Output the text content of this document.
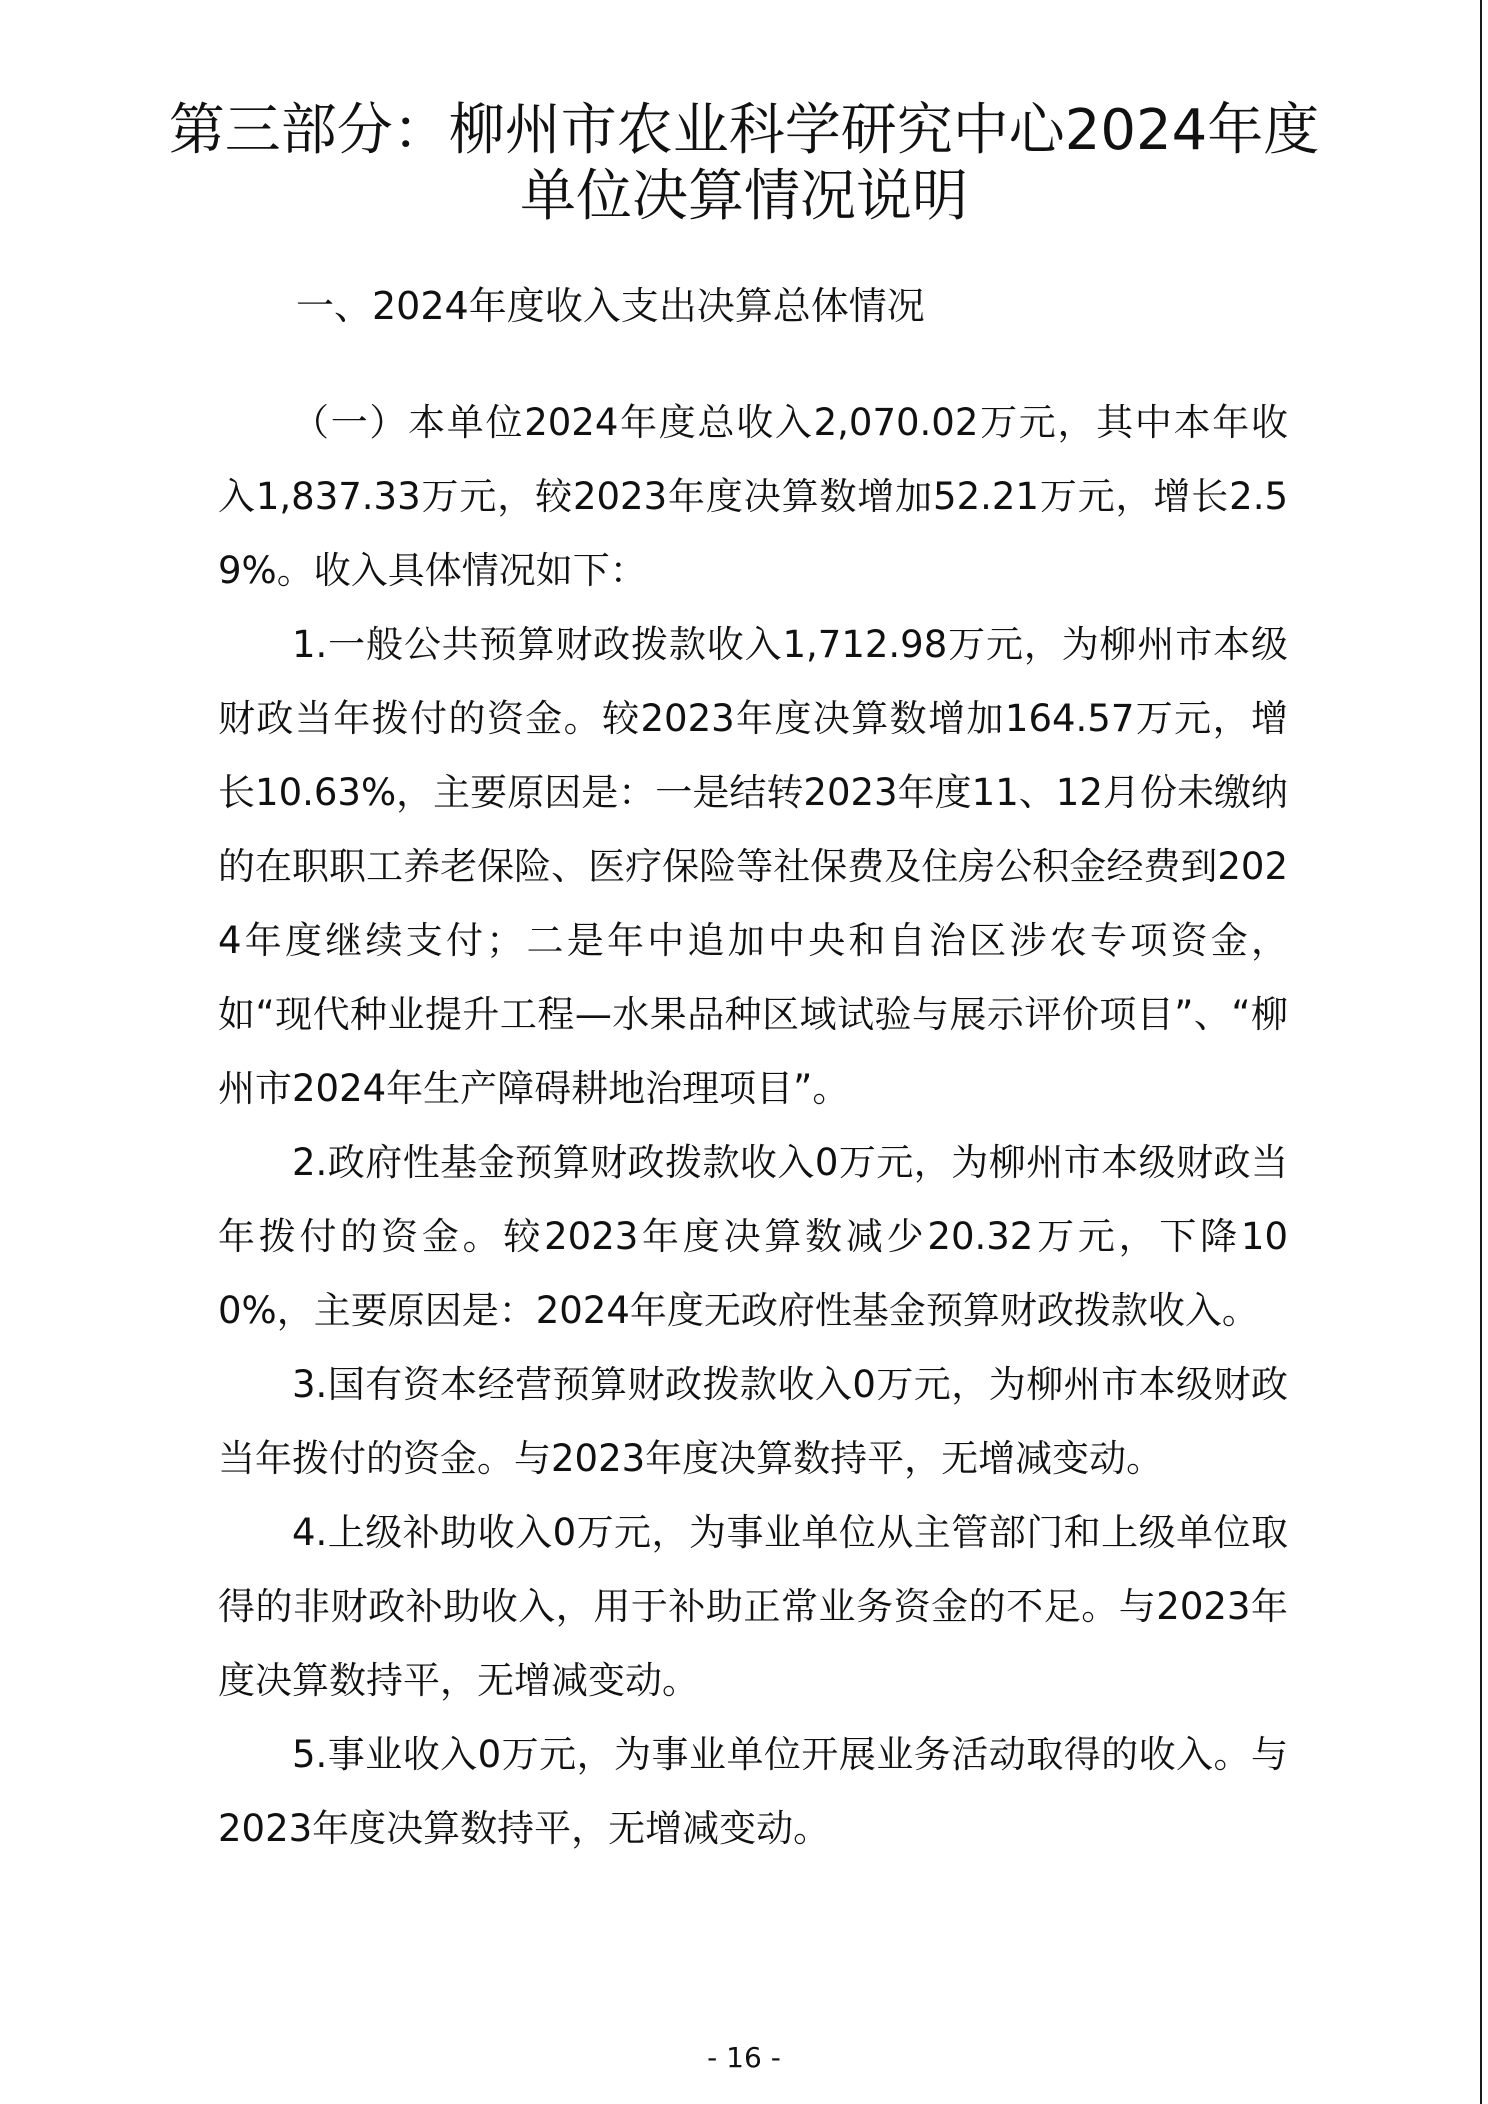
第三部分：柳州市农业科学研究中心2024年度单位决算情况说明
一、2024年度收入支出决算总体情况

（一）本单位2024年度总收入2,070.02万元，其中本年收入1,837.33万元，较2023年度决算数增加52.21万元，增长2.59%。收入具体情况如下：

1.一般公共预算财政拨款收入1,712.98万元，为柳州市本级财政当年拨付的资金。较2023年度决算数增加164.57万元，增长10.63%，主要原因是：一是结转2023年度11、12月份未缴纳的在职职工养老保险、医疗保险等社保费及住房公积金经费到2024年度继续支付；二是年中追加中央和自治区涉农专项资金，如“现代种业提升工程—水果品种区域试验与展示评价项目”、“柳州市2024年生产障碍耕地治理项目”。

2.政府性基金预算财政拨款收入0万元，为柳州市本级财政当年拨付的资金。较2023年度决算数减少20.32万元，下降100%，主要原因是：2024年度无政府性基金预算财政拨款收入。

3.国有资本经营预算财政拨款收入0万元，为柳州市本级财政当年拨付的资金。与2023年度决算数持平，无增减变动。

4.上级补助收入0万元，为事业单位从主管部门和上级单位取得的非财政补助收入，用于补助正常业务资金的不足。与2023年度决算数持平，无增减变动。

5.事业收入0万元，为事业单位开展业务活动取得的收入。与2023年度决算数持平，无增减变动。

- 16 -
